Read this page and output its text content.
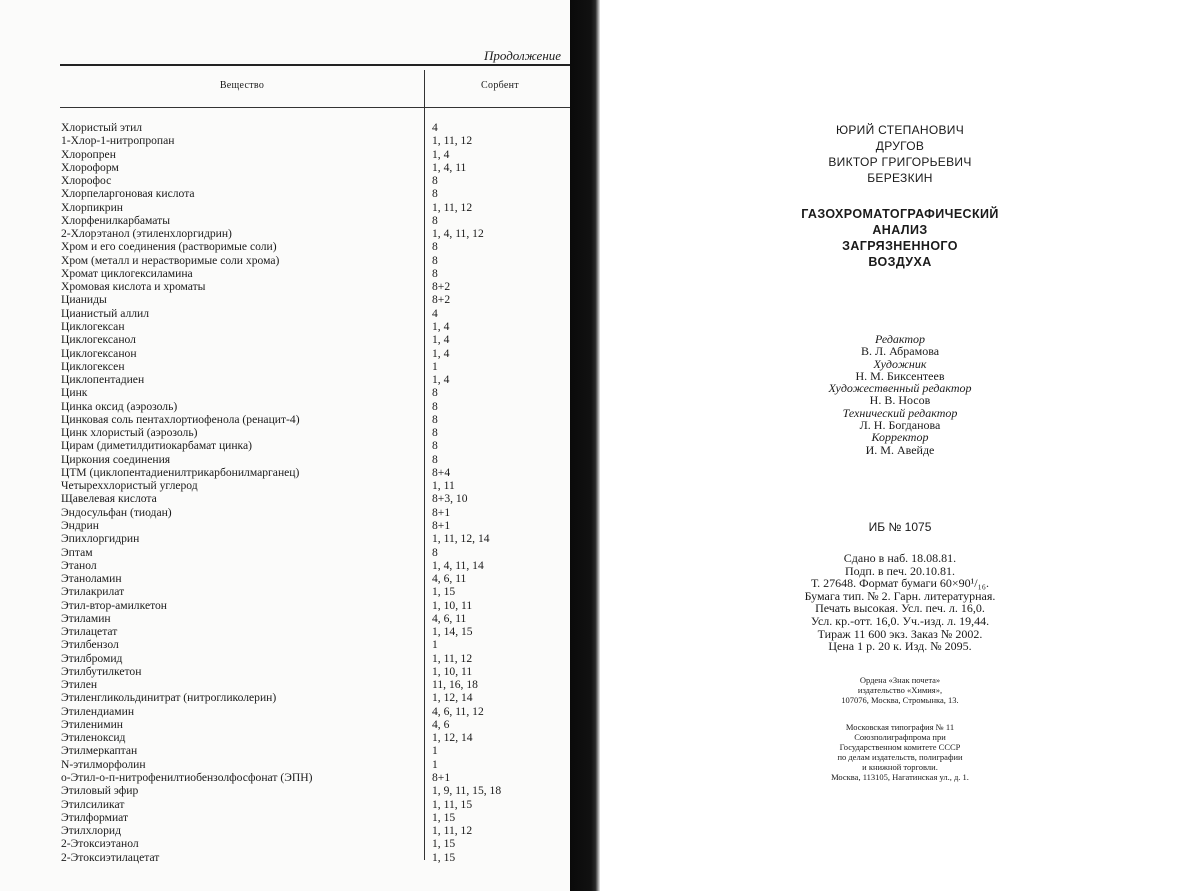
Продолжение
Вещество	Сорбент
Хлористый этил	4
1-Хлор-1-нитропропан	1, 11, 12
Хлоропрен	1, 4
Хлороформ	1, 4, 11
Хлорофос	8
Хлорпеларгоновая кислота	8
Хлорпикрин	1, 11, 12
Хлорфенилкарбаматы	8
2-Хлорэтанол (этиленхлоргидрин)	1, 4, 11, 12
Хром и его соединения (растворимые соли)	8
Хром (металл и нерастворимые соли хрома)	8
Хромат циклогексиламина	8
Хромовая кислота и хроматы	8+2
Цианиды	8+2
Цианистый аллил	4
Циклогексан	1, 4
Циклогексанол	1, 4
Циклогексанон	1, 4
Циклогексен	1
Циклопентадиен	1, 4
Цинк	8
Цинка оксид (аэрозоль)	8
Цинковая соль пентахлортиофенола (ренацит-4)	8
Цинк хлористый (аэрозоль)	8
Цирам (диметилдитиокарбамат цинка)	8
Циркония соединения	8
ЦТМ (циклопентадиенилтрикарбонилмарганец)	8+4
Четыреххлористый углерод	1, 11
Щавелевая кислота	8+3, 10
Эндосульфан (тиодан)	8+1
Эндрин	8+1
Эпихлоргидрин	1, 11, 12, 14
Эптам	8
Этанол	1, 4, 11, 14
Этаноламин	4, 6, 11
Этилакрилат	1, 15
Этил-втор-амилкетон	1, 10, 11
Этиламин	4, 6, 11
Этилацетат	1, 14, 15
Этилбензол	1
Этилбромид	1, 11, 12
Этилбутилкетон	1, 10, 11
Этилен	11, 16, 18
Этиленгликольдинитрат (нитрогликолерин)	1, 12, 14
Этилендиамин	4, 6, 11, 12
Этиленимин	4, 6
Этиленоксид	1, 12, 14
Этилмеркаптан	1
N-этилморфолин	1
о-Этил-о-п-нитрофенилтиобензолфосфонат (ЭПН)	8+1
Этиловый эфир	1, 9, 11, 15, 18
Этилсиликат	1, 11, 15
Этилформиат	1, 15
Этилхлорид	1, 11, 12
2-Этоксиэтанол	1, 15
2-Этоксиэтилацетат	1, 15
ЮРИЙ СТЕПАНОВИЧ
ДРУГОВ
ВИКТОР ГРИГОРЬЕВИЧ
БЕРЕЗКИН
ГАЗОХРОМАТОГРАФИЧЕСКИЙ
АНАЛИЗ
ЗАГРЯЗНЕННОГО
ВОЗДУХА
Редактор
В. Л. Абрамова
Художник
Н. М. Биксентеев
Художественный редактор
Н. В. Носов
Технический редактор
Л. Н. Богданова
Корректор
И. М. Авейде
ИБ № 1075
Сдано в наб. 18.08.81.
Подп. в печ. 20.10.81.
Т. 27648. Формат бумаги 60×90¹/₁₆.
Бумага тип. № 2. Гарн. литературная.
Печать высокая. Усл. печ. л. 16,0.
Усл. кр.-отт. 16,0. Уч.-изд. л. 19,44.
Тираж 11 600 экз. Заказ № 2002.
Цена 1 р. 20 к. Изд. № 2095.
Ордена «Знак почета»
издательство «Химия»,
107076, Москва, Стромынка, 13.
Московская типография № 11
Союзполиграфпрома при
Государственном комитете СССР
по делам издательств, полиграфии
и книжной торговли.
Москва, 113105, Нагатинская ул., д. 1.
